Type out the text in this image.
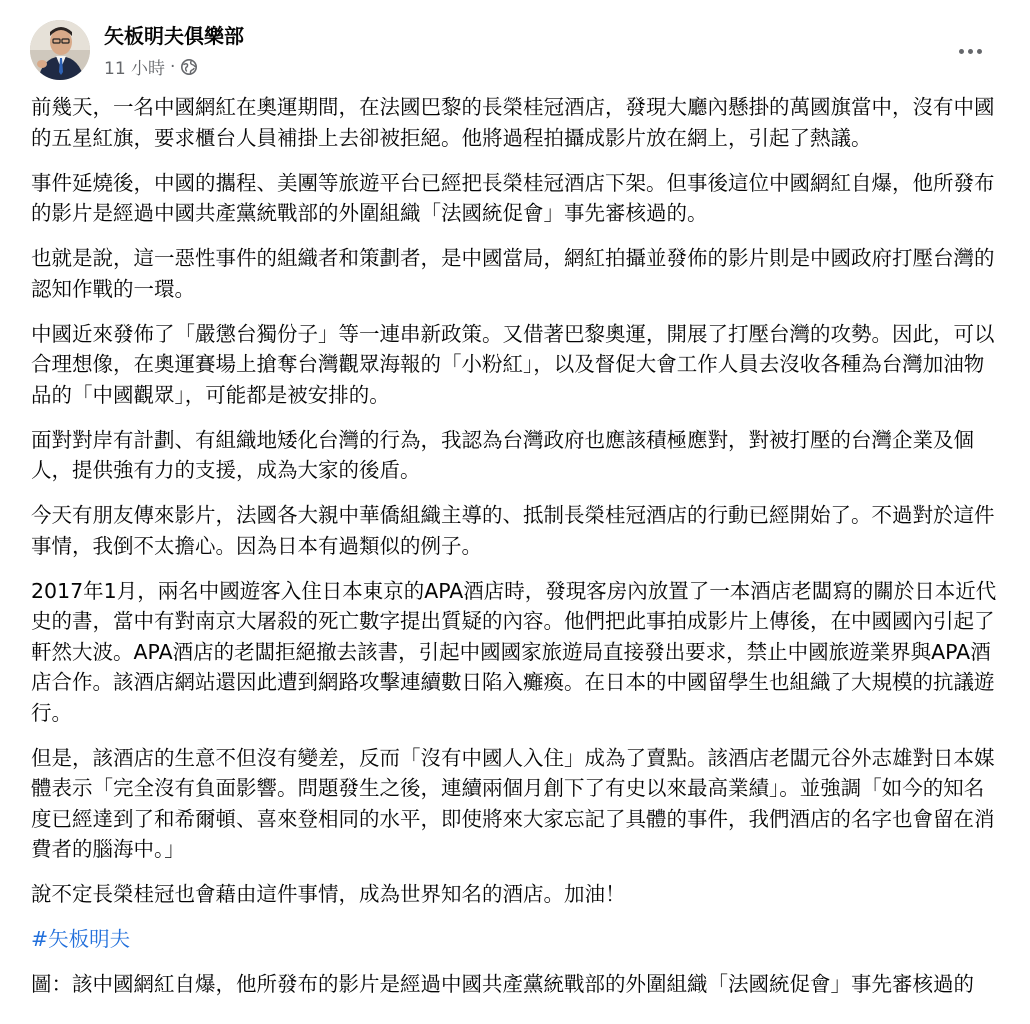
矢板明夫俱樂部
11 小時 ·

前幾天，一名中國網紅在奧運期間，在法國巴黎的長榮桂冠酒店，發現大廳內懸掛的萬國旗當中，沒有中國的五星紅旗，要求櫃台人員補掛上去卻被拒絕。他將過程拍攝成影片放在網上，引起了熱議。

事件延燒後，中國的攜程、美團等旅遊平台已經把長榮桂冠酒店下架。但事後這位中國網紅自爆，他所發布的影片是經過中國共產黨統戰部的外圍組織「法國統促會」事先審核過的。

也就是說，這一惡性事件的組織者和策劃者，是中國當局，網紅拍攝並發佈的影片則是中國政府打壓台灣的認知作戰的一環。

中國近來發佈了「嚴懲台獨份子」等一連串新政策。又借著巴黎奧運，開展了打壓台灣的攻勢。因此，可以合理想像，在奧運賽場上搶奪台灣觀眾海報的「小粉紅」，以及督促大會工作人員去沒收各種為台灣加油物品的「中國觀眾」，可能都是被安排的。

面對對岸有計劃、有組織地矮化台灣的行為，我認為台灣政府也應該積極應對，對被打壓的台灣企業及個人，提供強有力的支援，成為大家的後盾。

今天有朋友傳來影片，法國各大親中華僑組織主導的、抵制長榮桂冠酒店的行動已經開始了。不過對於這件事情，我倒不太擔心。因為日本有過類似的例子。

2017年1月，兩名中國遊客入住日本東京的APA酒店時，發現客房內放置了一本酒店老闆寫的關於日本近代史的書，當中有對南京大屠殺的死亡數字提出質疑的內容。他們把此事拍成影片上傳後，在中國國內引起了軒然大波。APA酒店的老闆拒絕撤去該書，引起中國國家旅遊局直接發出要求，禁止中國旅遊業界與APA酒店合作。該酒店網站還因此遭到網路攻擊連續數日陷入癱瘓。在日本的中國留學生也組織了大規模的抗議遊行。

但是，該酒店的生意不但沒有變差，反而「沒有中國人入住」成為了賣點。該酒店老闆元谷外志雄對日本媒體表示「完全沒有負面影響。問題發生之後，連續兩個月創下了有史以來最高業績」。並強調「如今的知名度已經達到了和希爾頓、喜來登相同的水平，即使將來大家忘記了具體的事件，我們酒店的名字也會留在消費者的腦海中。」

說不定長榮桂冠也會藉由這件事情，成為世界知名的酒店。加油！

#矢板明夫

圖：該中國網紅自爆，他所發布的影片是經過中國共產黨統戰部的外圍組織「法國統促會」事先審核過的
